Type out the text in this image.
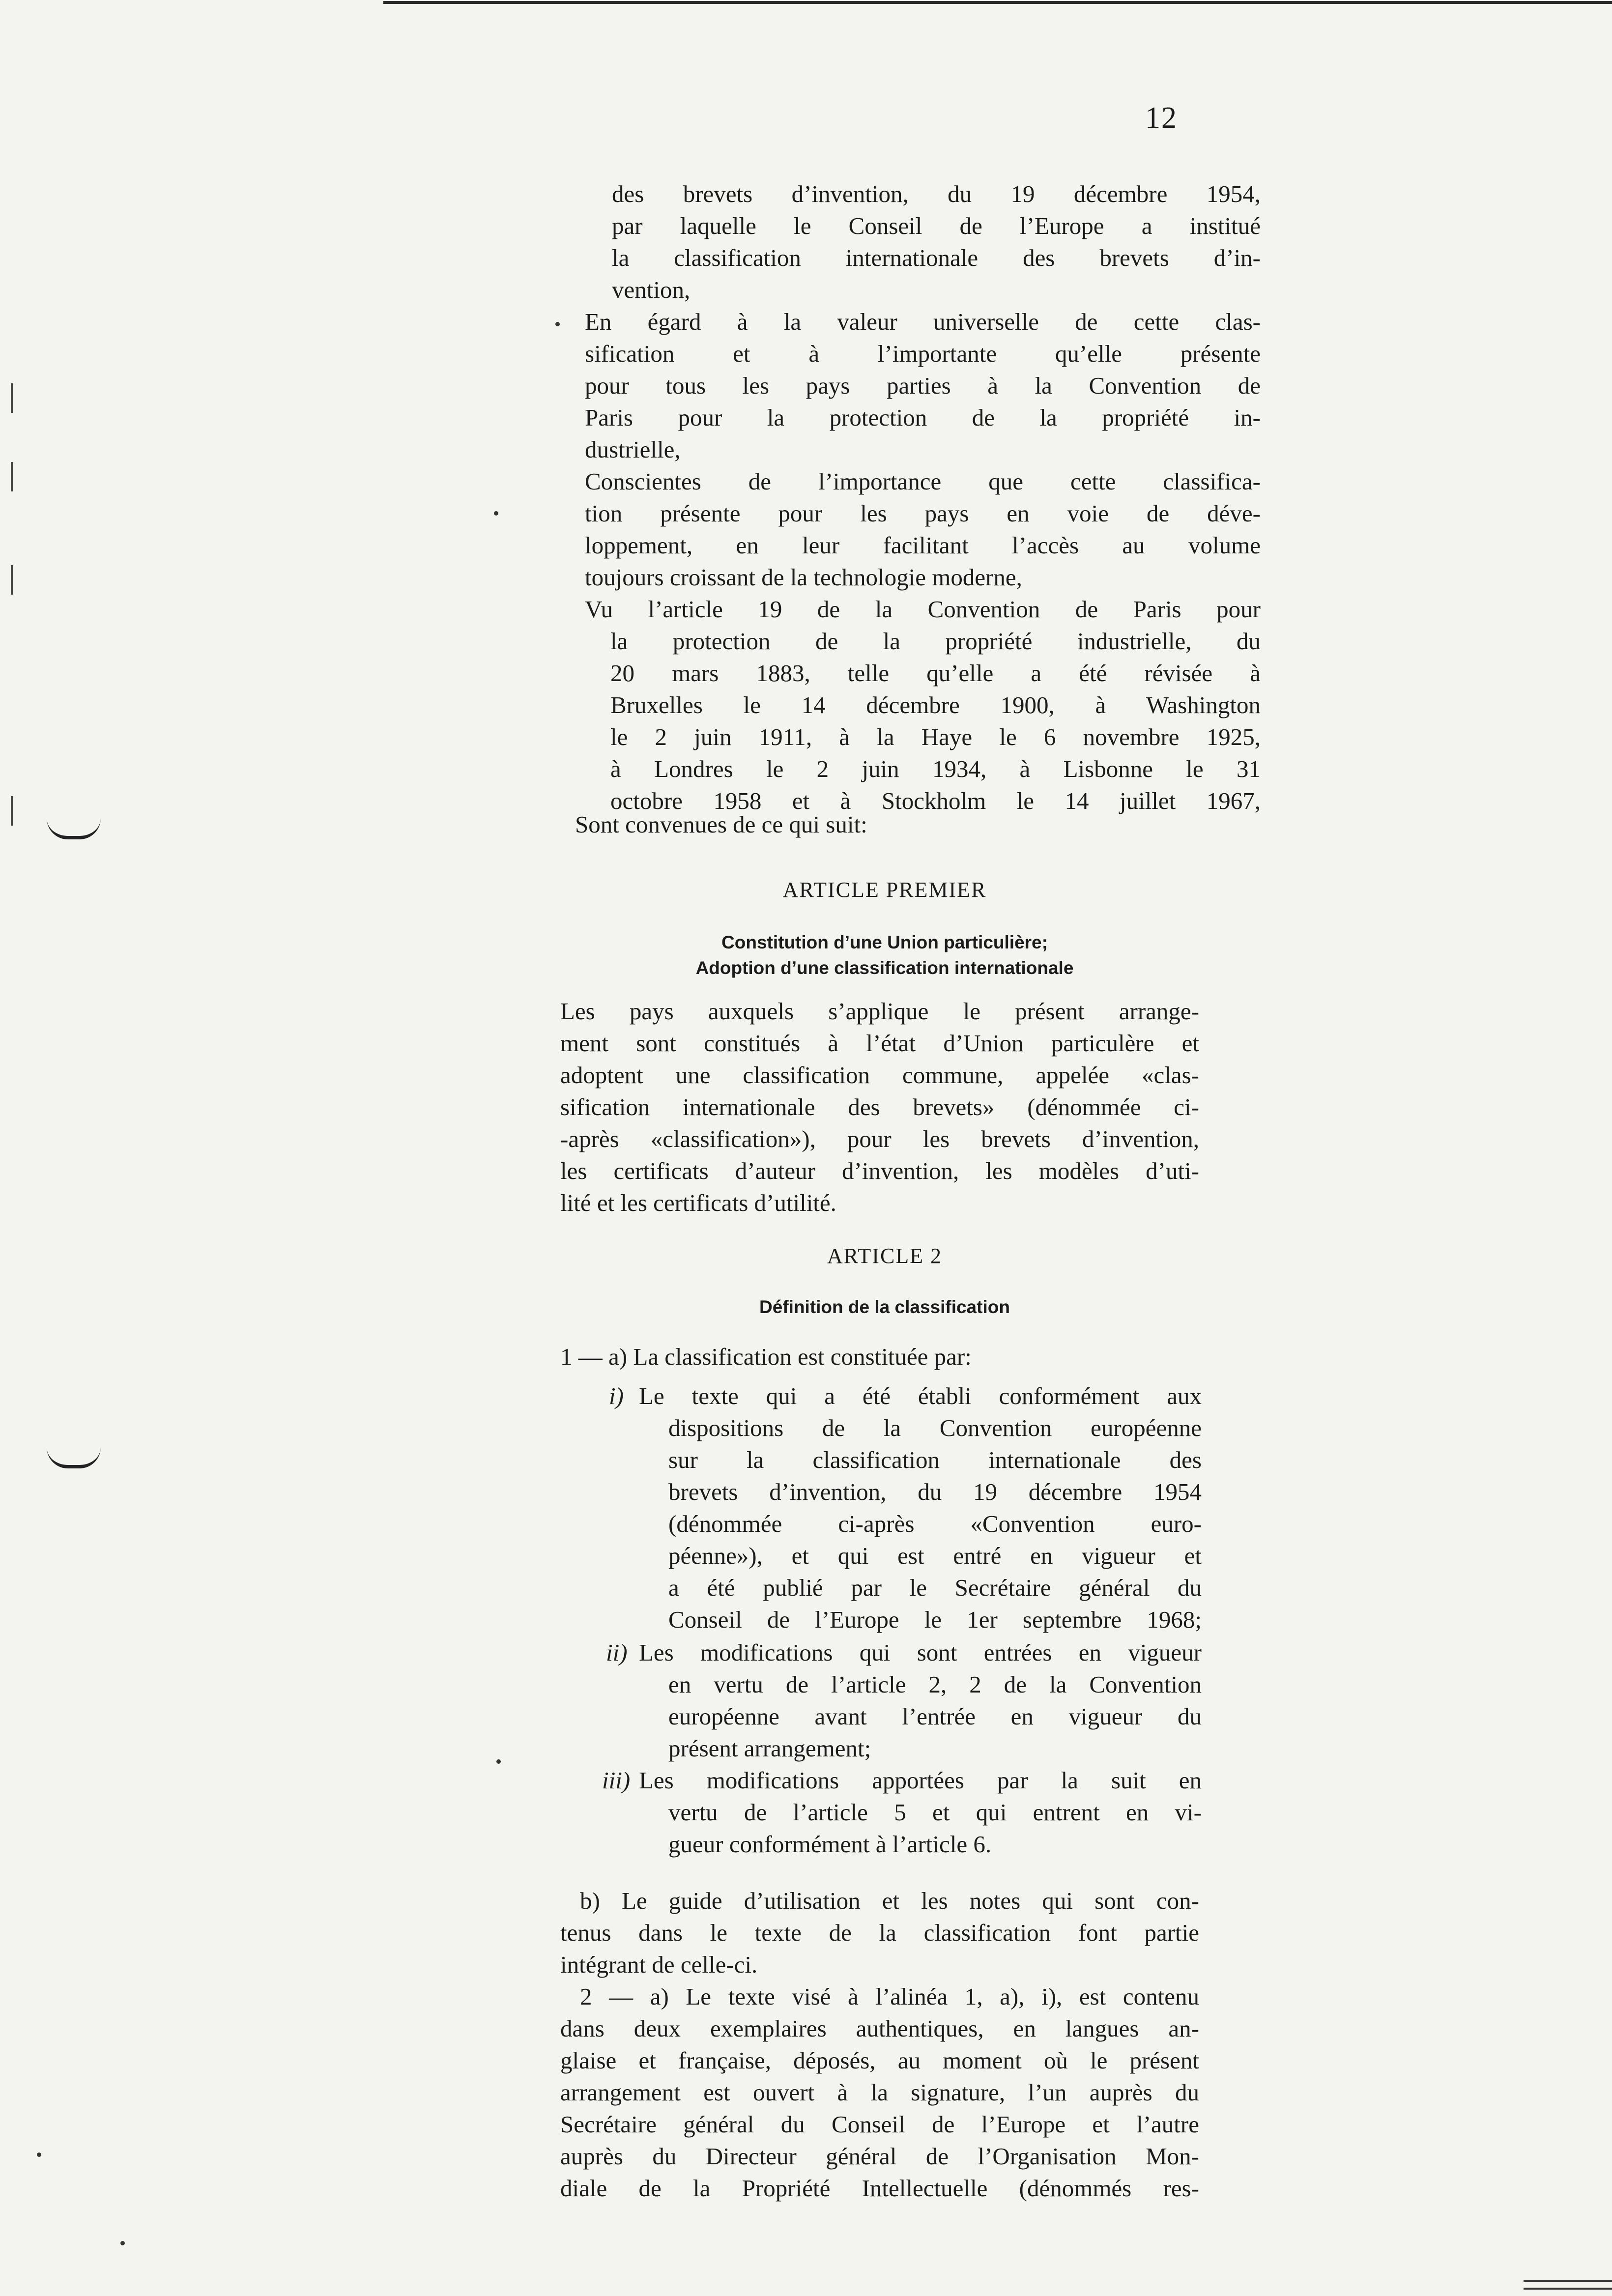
12
des brevets d’invention, du 19 décembre 1954,
par laquelle le Conseil de l’Europe a institué
la classification internationale des brevets d’in-
vention,
En égard à la valeur universelle de cette clas-
sification et à l’importante qu’elle présente
pour tous les pays parties à la Convention de
Paris pour la protection de la propriété in-
dustrielle,
Conscientes de l’importance que cette classifica-
tion présente pour les pays en voie de déve-
loppement, en leur facilitant l’accès au volume
toujours croissant de la technologie moderne,
Vu l’article 19 de la Convention de Paris pour
la protection de la propriété industrielle, du
20 mars 1883, telle qu’elle a été révisée à
Bruxelles le 14 décembre 1900, à Washington
le 2 juin 1911, à la Haye le 6 novembre 1925,
à Londres le 2 juin 1934, à Lisbonne le 31
octobre 1958 et à Stockholm le 14 juillet 1967,
Sont convenues de ce qui suit:
ARTICLE PREMIER
Constitution d’une Union particulière;
Adoption d’une classification internationale
Les pays auxquels s’applique le présent arrange-
ment sont constitués à l’état d’Union particulère et
adoptent une classification commune, appelée «clas-
sification internationale des brevets» (dénommée ci-
-après «classification»), pour les brevets d’invention,
les certificats d’auteur d’invention, les modèles d’uti-
lité et les certificats d’utilité.
ARTICLE 2
Définition de la classification
1 — a) La classification est constituée par:
i) Le texte qui a été établi conformément aux
dispositions de la Convention européenne
sur la classification internationale des
brevets d’invention, du 19 décembre 1954
(dénommée ci-après «Convention euro-
péenne»), et qui est entré en vigueur et
a été publié par le Secrétaire général du
Conseil de l’Europe le 1er septembre 1968;
ii) Les modifications qui sont entrées en vigueur
en vertu de l’article 2, 2 de la Convention
européenne avant l’entrée en vigueur du
présent arrangement;
iii) Les modifications apportées par la suit en
vertu de l’article 5 et qui entrent en vi-
gueur conformément à l’article 6.
b) Le guide d’utilisation et les notes qui sont con-
tenus dans le texte de la classification font partie
intégrant de celle-ci.
2 — a) Le texte visé à l’alinéa 1, a), i), est contenu
dans deux exemplaires authentiques, en langues an-
glaise et française, déposés, au moment où le présent
arrangement est ouvert à la signature, l’un auprès du
Secrétaire général du Conseil de l’Europe et l’autre
auprès du Directeur général de l’Organisation Mon-
diale de la Propriété Intellectuelle (dénommés res-
